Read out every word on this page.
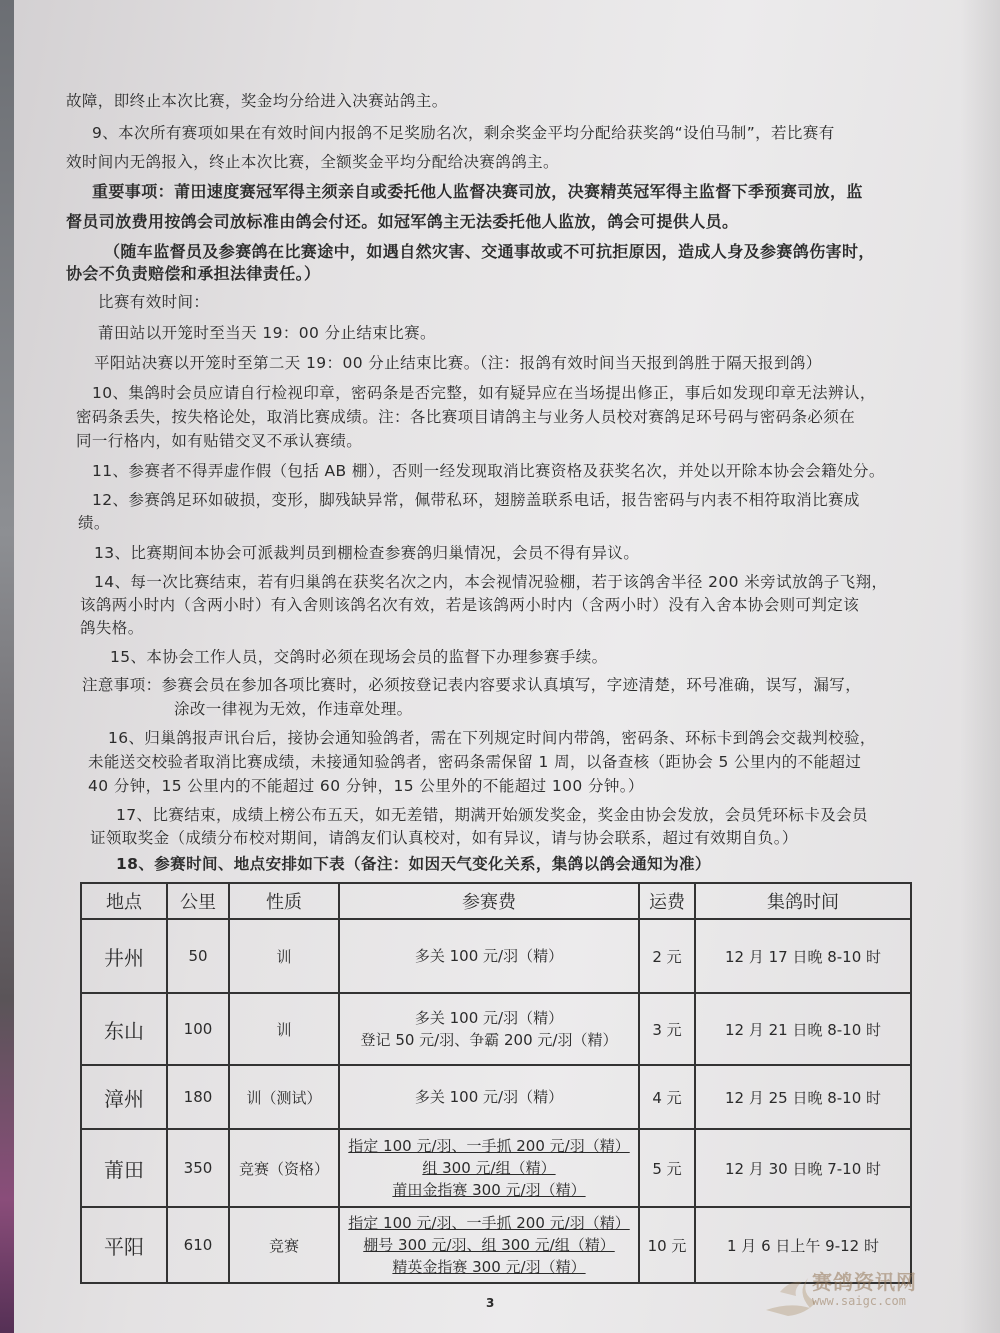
故障，即终止本次比赛，奖金均分给进入决赛站鸽主。
9、本次所有赛项如果在有效时间内报鸽不足奖励名次，剩余奖金平均分配给获奖鸽“设伯马制”，若比赛有
效时间内无鸽报入，终止本次比赛，全额奖金平均分配给决赛鸽鸽主。
重要事项：莆田速度赛冠军得主须亲自或委托他人监督决赛司放，决赛精英冠军得主监督下季预赛司放，监
督员司放费用按鸽会司放标准由鸽会付还。如冠军鸽主无法委托他人监放，鸽会可提供人员。
（随车监督员及参赛鸽在比赛途中，如遇自然灾害、交通事故或不可抗拒原因，造成人身及参赛鸽伤害时，
协会不负责赔偿和承担法律责任。）
比赛有效时间：
莆田站以开笼时至当天 19：00 分止结束比赛。
平阳站决赛以开笼时至第二天 19：00 分止结束比赛。（注：报鸽有效时间当天报到鸽胜于隔天报到鸽）
10、集鸽时会员应请自行检视印章，密码条是否完整，如有疑异应在当场提出修正，事后如发现印章无法辨认，
密码条丢失，按失格论处，取消比赛成绩。注：各比赛项目请鸽主与业务人员校对赛鸽足环号码与密码条必须在
同一行格内，如有贴错交叉不承认赛绩。
11、参赛者不得弄虚作假（包括 AB 棚），否则一经发现取消比赛资格及获奖名次，并处以开除本协会会籍处分。
12、参赛鸽足环如破损，变形，脚残缺异常，佩带私环，翅膀盖联系电话，报告密码与内表不相符取消比赛成
绩。
13、比赛期间本协会可派裁判员到棚检查参赛鸽归巢情况，会员不得有异议。
14、每一次比赛结束，若有归巢鸽在获奖名次之内，本会视情况验棚，若于该鸽舍半径 200 米旁试放鸽子飞翔，
该鸽两小时内（含两小时）有入舍则该鸽名次有效，若是该鸽两小时内（含两小时）没有入舍本协会则可判定该
鸽失格。
15、本协会工作人员，交鸽时必须在现场会员的监督下办理参赛手续。
注意事项：参赛会员在参加各项比赛时，必须按登记表内容要求认真填写，字迹清楚，环号准确，误写，漏写，
涂改一律视为无效，作违章处理。
16、归巢鸽报声讯台后，接协会通知验鸽者，需在下列规定时间内带鸽，密码条、环标卡到鸽会交裁判校验，
未能送交校验者取消比赛成绩，未接通知验鸽者，密码条需保留 1 周，以备查核（距协会 5 公里内的不能超过
40 分钟，15 公里内的不能超过 60 分钟，15 公里外的不能超过 100 分钟。）
17、比赛结束，成绩上榜公布五天，如无差错，期满开始颁发奖金，奖金由协会发放，会员凭环标卡及会员
证领取奖金（成绩分布校对期间，请鸽友们认真校对，如有异议，请与协会联系，超过有效期自负。）
18、参赛时间、地点安排如下表（备注：如因天气变化关系，集鸽以鸽会通知为准）
地点	公里	性质	参赛费	运费	集鸽时间
井州	50	训	多关 100 元/羽（精）	2 元	12 月 17 日晚 8-10 时
东山	100	训	多关 100 元/羽（精）
登记 50 元/羽、争霸 200 元/羽（精）	3 元	12 月 21 日晚 8-10 时
漳州	180	训（测试）	多关 100 元/羽（精）	4 元	12 月 25 日晚 8-10 时
莆田	350	竞赛（资格）	指定 100 元/羽、一手抓 200 元/羽（精）
组 300 元/组（精）
莆田金指赛 300 元/羽（精）	5 元	12 月 30 日晚 7-10 时
平阳	610	竞赛	指定 100 元/羽、一手抓 200 元/羽（精）
棚号 300 元/羽、组 300 元/组（精）
精英金指赛 300 元/羽（精）	10 元	1 月 6 日上午 9-12 时
3
赛鸽资讯网
www.saigc.com
